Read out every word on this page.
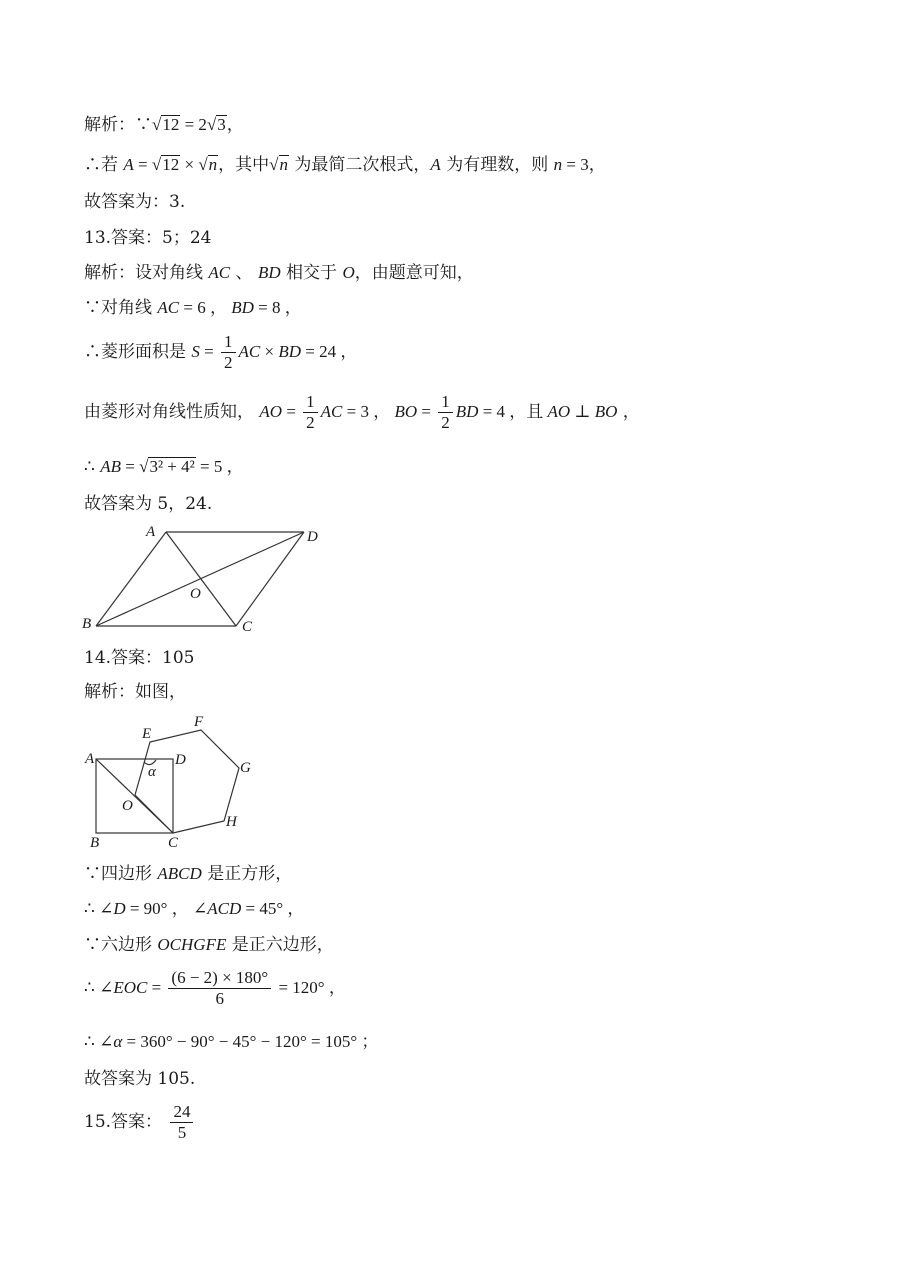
解析：∵√12 = 2√3，
∴若 A = √12 × √n，其中√n 为最简二次根式，A 为有理数，则 n = 3，
故答案为：3.
13.答案：5；24
解析：设对角线 AC 、 BD 相交于 O，由题意可知，
∵对角线 AC = 6 ， BD = 8 ，
∴菱形面积是 $S = \frac{1}{2}$ AC × BD = 24 ，
由菱形对角线性质知， AO = $\frac{1}{2}$ AC = 3 ， BO = $\frac{1}{2}$ BD = 4 ，且 AO ⊥ BO ，
∴ AB = √3² + 4² = 5 ，
故答案为 5，24.
A	D
O
B	C
14.答案：105
解析：如图，
A
E
F
D
α	G
O
H
B	C
∵四边形 ABCD 是正方形，
∴ ∠D = 90° ， ∠ACD = 45° ，
∵六边形 OCHGFE 是正六边形，
∴ ∠EOC = $\frac{(6 - 2) \times 180^\circ}{6} = 120^\circ$ ，
∴ ∠α = 360° − 90° − 45° − 120° = 105° ；
故答案为 105.
15.答案： $\frac{24}{5}$
